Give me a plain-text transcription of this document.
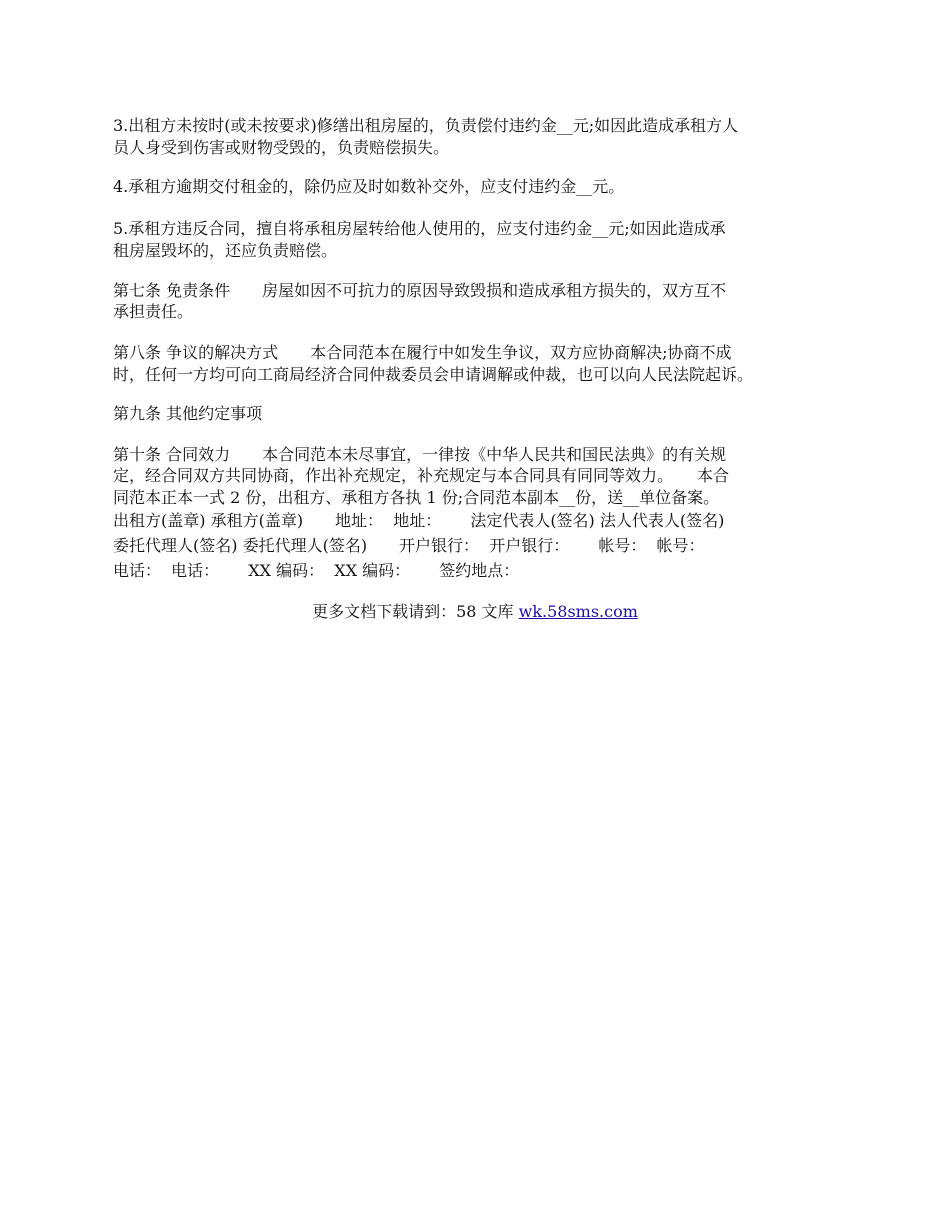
3.出租方未按时(或未按要求)修缮出租房屋的，负责偿付违约金__元;如因此造成承租方人

员人身受到伤害或财物受毁的，负责赔偿损失。

4.承租方逾期交付租金的，除仍应及时如数补交外，应支付违约金__元。

5.承租方违反合同，擅自将承租房屋转给他人使用的，应支付违约金__元;如因此造成承

租房屋毁坏的，还应负责赔偿。

第七条 免责条件　　房屋如因不可抗力的原因导致毁损和造成承租方损失的，双方互不

承担责任。

第八条 争议的解决方式　　本合同范本在履行中如发生争议，双方应协商解决;协商不成

时，任何一方均可向工商局经济合同仲裁委员会申请调解或仲裁，也可以向人民法院起诉。

第九条 其他约定事项

第十条 合同效力　　本合同范本未尽事宜，一律按《中华人民共和国民法典》的有关规

定，经合同双方共同协商，作出补充规定，补充规定与本合同具有同同等效力。　　本合

同范本正本一式 2 份，出租方、承租方各执 1 份;合同范本副本__份，送__单位备案。

出租方(盖章) 承租方(盖章)　　地址：  地址：　　 法定代表人(签名) 法人代表人(签名)

委托代理人(签名) 委托代理人(签名)　　开户银行：  开户银行：　　 帐号：  帐号：

电话：  电话：　　 XX 编码：  XX 编码：　　 签约地点：

更多文档下载请到：58 文库 wk.58sms.com
